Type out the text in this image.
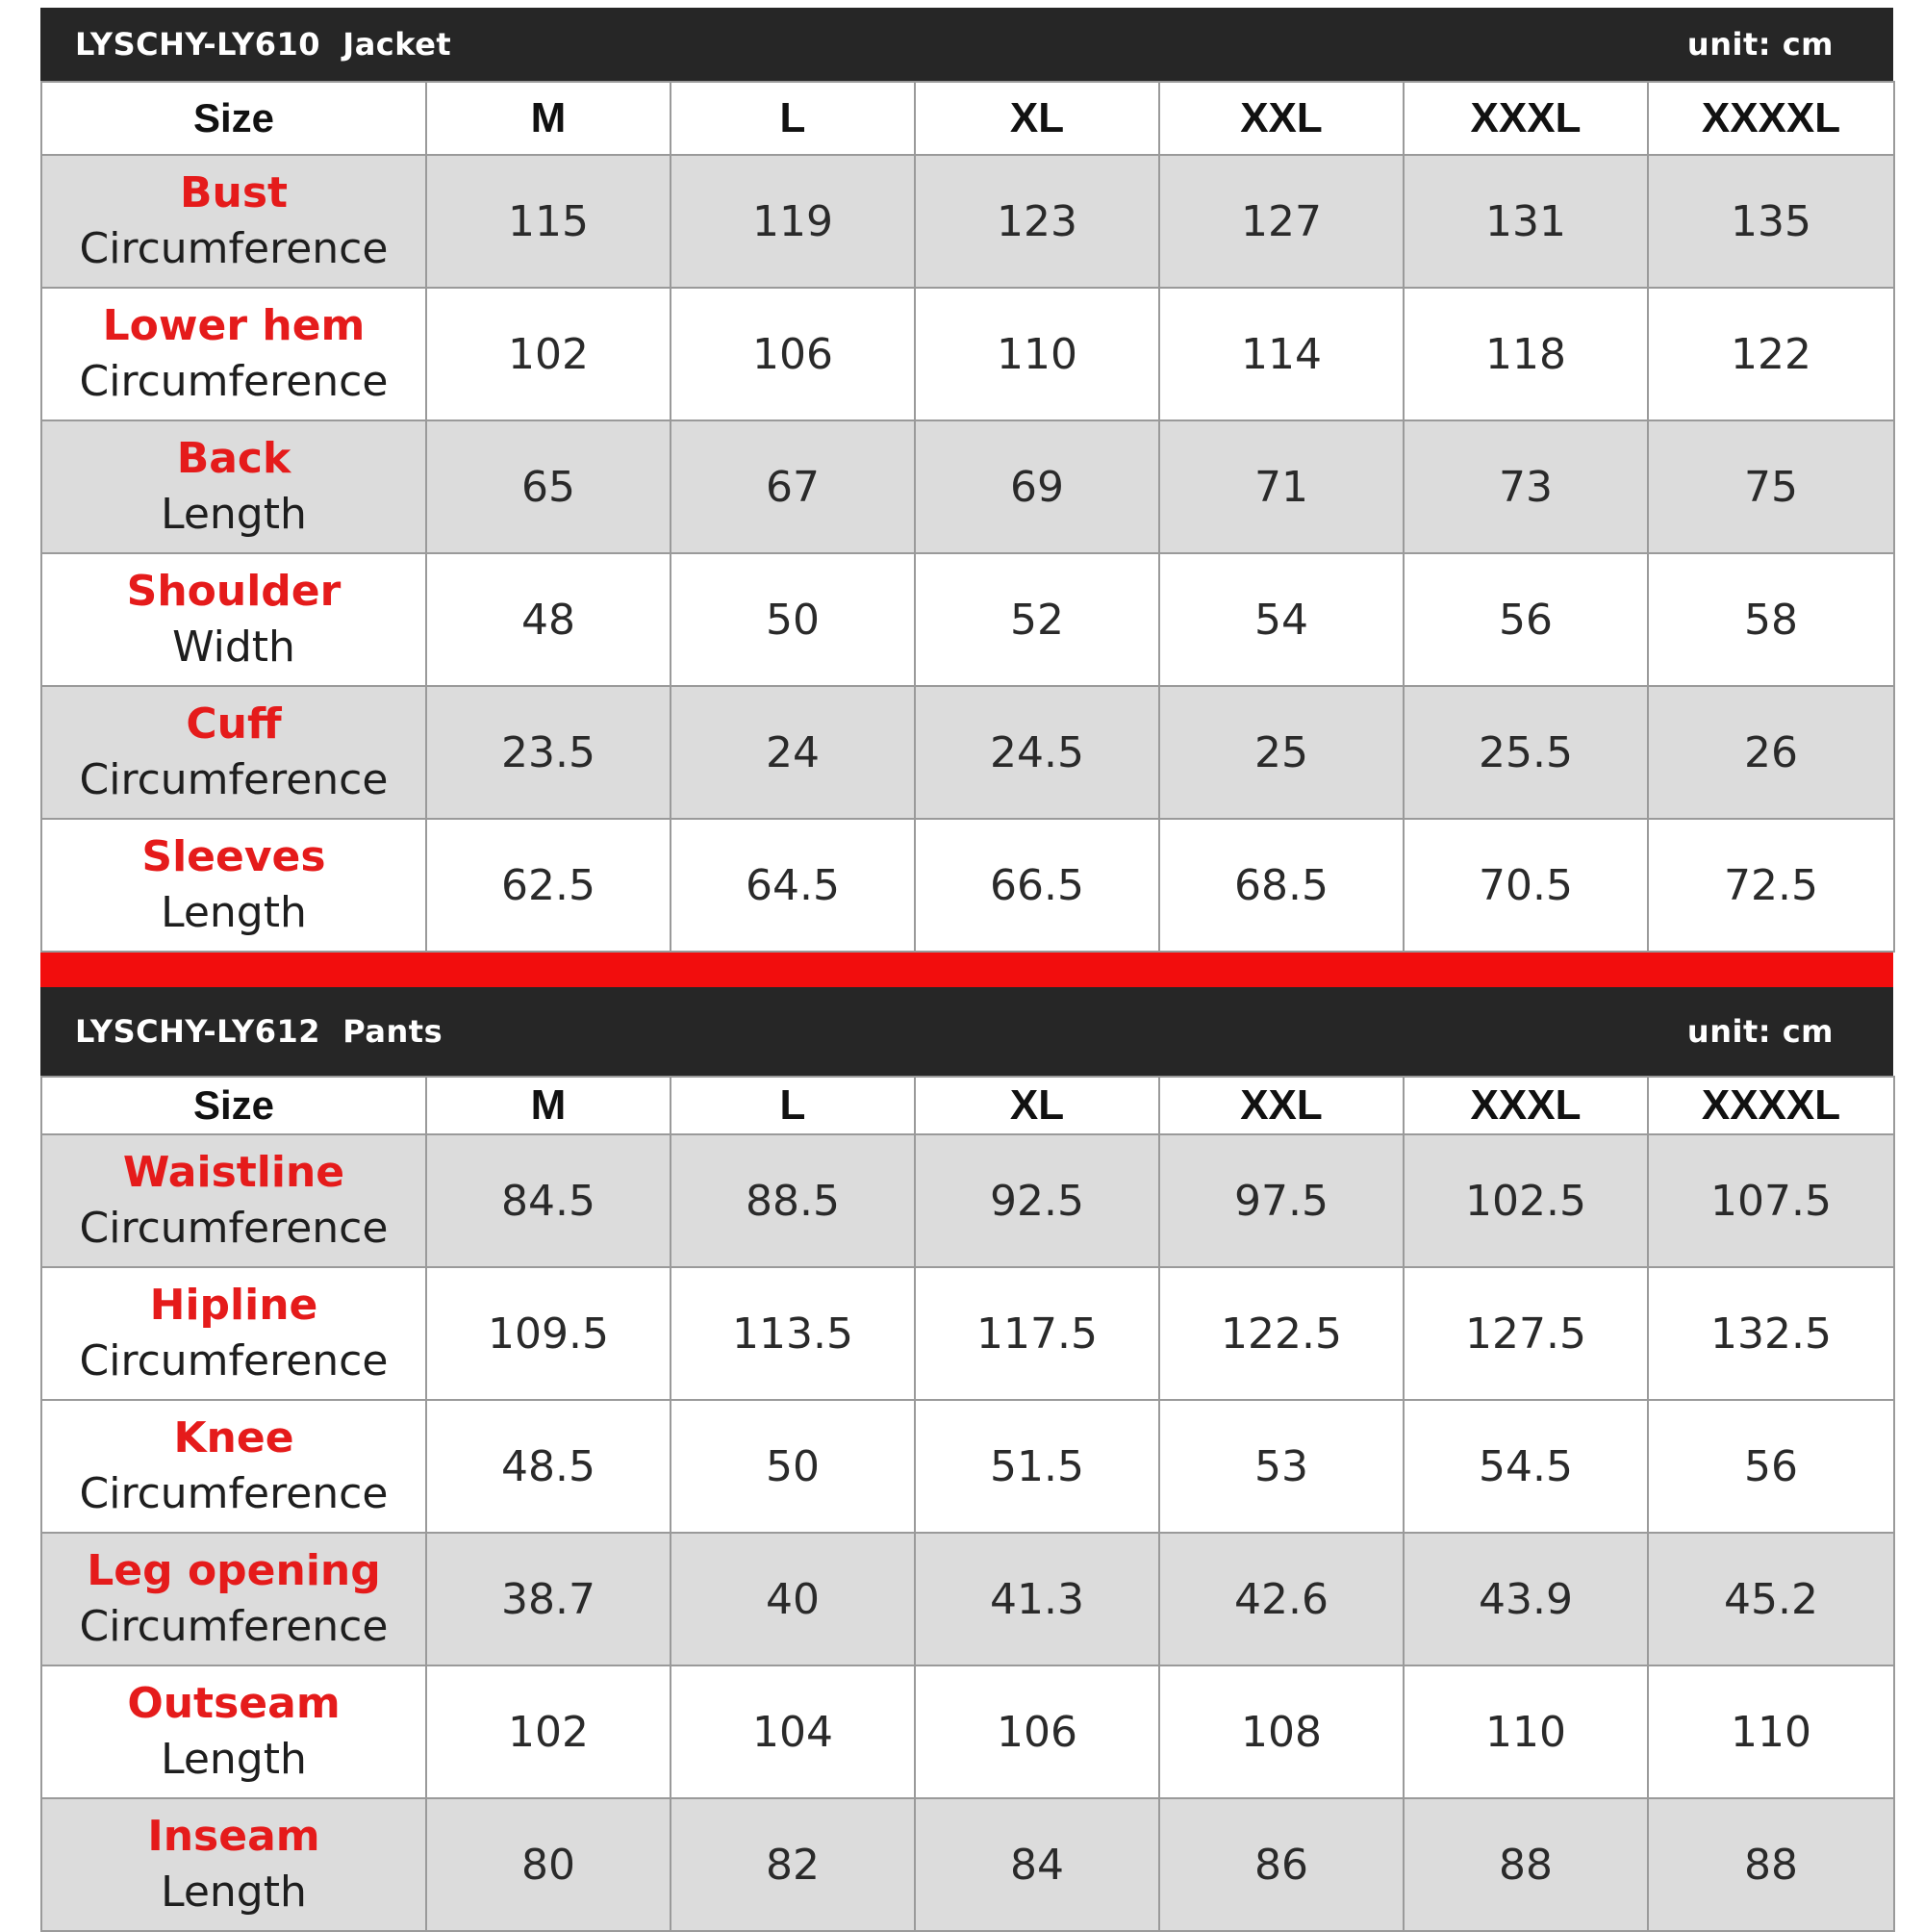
LYSCHY-LY610  Jacket	unit: cm
Size	M	L	XL	XXL	XXXL	XXXXL

Bust
Circumference	115	119	123	127	131	135

Lower hem
Circumference	102	106	110	114	118	122

Back
Length	65	67	69	71	73	75

Shoulder
Width	48	50	52	54	56	58

Cuff
Circumference	23.5	24	24.5	25	25.5	26

Sleeves
Length	62.5	64.5	66.5	68.5	70.5	72.5
LYSCHY-LY612  Pants	unit: cm
Size	M	L	XL	XXL	XXXL	XXXXL

Waistline
Circumference	84.5	88.5	92.5	97.5	102.5	107.5

Hipline
Circumference	109.5	113.5	117.5	122.5	127.5	132.5

Knee
Circumference	48.5	50	51.5	53	54.5	56

Leg opening
Circumference	38.7	40	41.3	42.6	43.9	45.2

Outseam
Length	102	104	106	108	110	110

Inseam
Length	80	82	84	86	88	88
